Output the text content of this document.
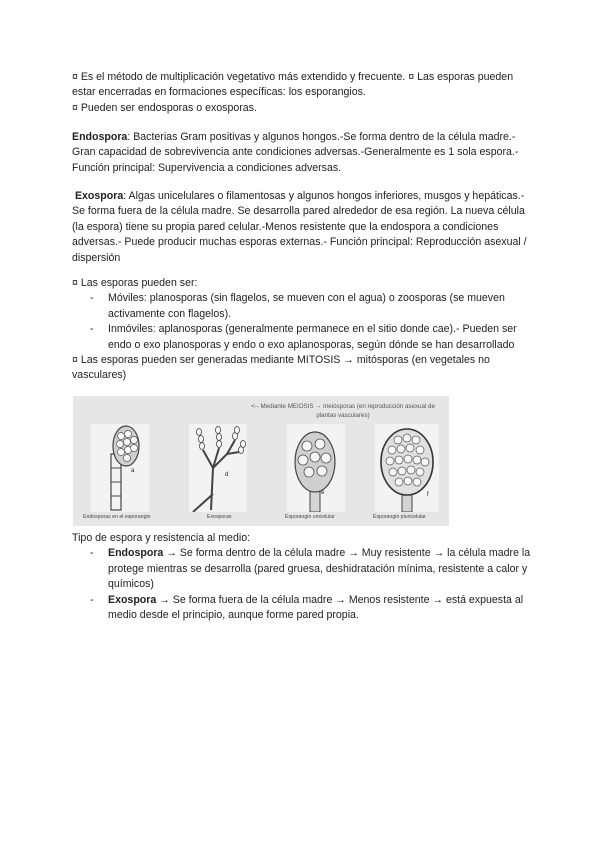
¤ Es el método de multiplicación vegetativo más extendido y frecuente. ¤ Las esporas pueden estar encerradas en formaciones específicas: los esporangios.

¤ Pueden ser endosporas o exosporas.

Endospora: Bacterias Gram positivas y algunos hongos.-Se forma dentro de la célula madre.-Gran capacidad de sobrevivencia ante condiciones adversas.-Generalmente es 1 sola espora.- Función principal: Supervivencia a condiciones adversas.

Exospora: Algas unicelulares o filamentosas y algunos hongos inferiores, musgos y hepáticas.-Se forma fuera de la célula madre. Se desarrolla pared alrededor de esa región. La nueva célula (la espora) tiene su propia pared celular.-Menos resistente que la endospora a condiciones adversas.- Puede producir muchas esporas externas.- Función principal: Reproducción asexual / dispersión

¤ Las esporas pueden ser:

- Móviles: planosporas (sin flagelos, se mueven con el agua) o zoosporas (se mueven activamente con flagelos).
- Inmóviles: aplanosporas (generalmente permanece en el sitio donde cae).- Pueden ser endo o exo planosporas y endo o exo aplanosporas, según dónde se han desarrollado

¤ Las esporas pueden ser generadas mediante MITOSIS → mitósporas (en vegetales no vasculares)

<-- Mediante MEIOSIS → meiósporas (en reproducción asexual de plantas vasculares)
a
d
e	f
Endosporas en el esporangio	Exosporas	Esporangio unicelular	Esporangio pluricelular

Tipo de espora y resistencia al medio:

- Endospora → Se forma dentro de la célula madre → Muy resistente → la célula madre la protege mientras se desarrolla (pared gruesa, deshidratación mínima, resistente a calor y químicos)
- Exospora → Se forma fuera de la célula madre → Menos resistente → está expuesta al medio desde el principio, aunque forme pared propia.
